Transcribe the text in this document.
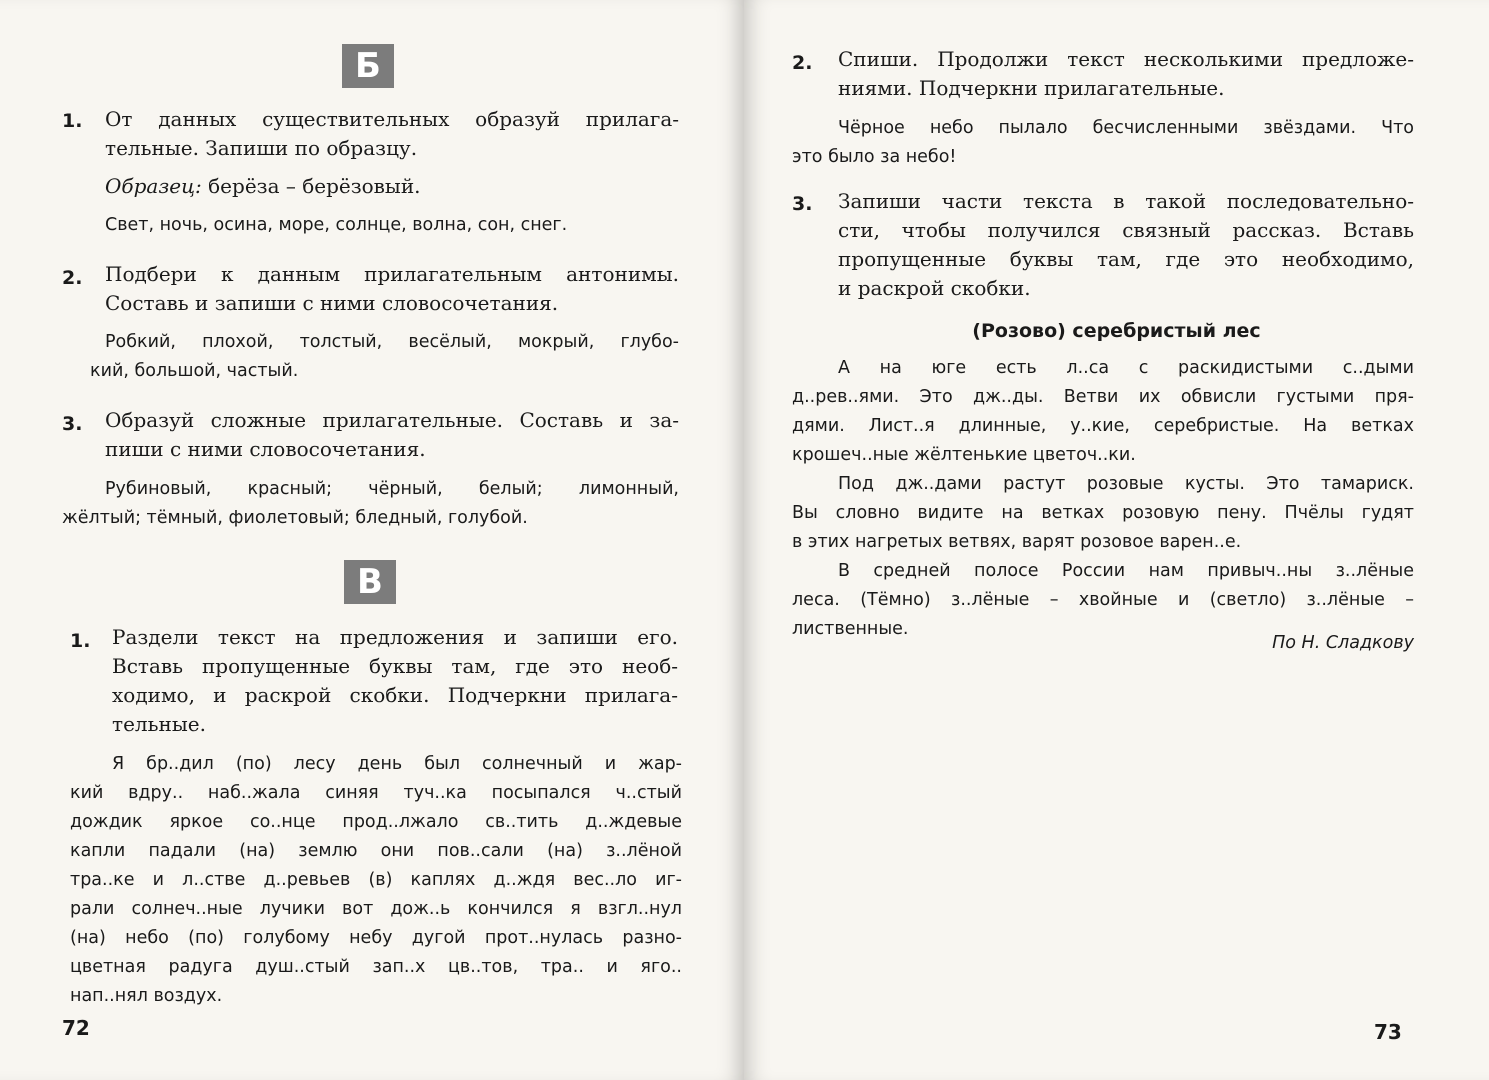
Б
1. От данных существительных образуй прилага-
тельные. Запиши по образцу.
Образец: берёза – берёзовый.
Свет, ночь, осина, море, солнце, волна, сон, снег.
2. Подбери к данным прилагательным антонимы.
Составь и запиши с ними словосочетания.
Робкий, плохой, толстый, весёлый, мокрый, глубо-
кий, большой, частый.
3. Образуй сложные прилагательные. Составь и за-
пиши с ними словосочетания.
Рубиновый, красный; чёрный, белый; лимонный,
жёлтый; тёмный, фиолетовый; бледный, голубой.
В
1. Раздели текст на предложения и запиши его.
Вставь пропущенные буквы там, где это необ-
ходимо, и раскрой скобки. Подчеркни прилага-
тельные.
Я бр..дил (по) лесу день был солнечный и жар-
кий вдру.. наб..жала синяя туч..ка посыпался ч..стый
дождик яркое со..нце прод..лжало св..тить д..ждевые
капли падали (на) землю они пов..сали (на) з..лёной
тра..ке и л..стве д..ревьев (в) каплях д..ждя вес..ло иг-
рали солнеч..ные лучики вот дож..ь кончился я взгл..нул
(на) небо (по) голубому небу дугой прот..нулась разно-
цветная радуга душ..стый зап..х цв..тов, тра.. и яго..
нап..нял воздух.
72
2. Спиши. Продолжи текст несколькими предложе-
ниями. Подчеркни прилагательные.
Чёрное небо пылало бесчисленными звёздами. Что
это было за небо!
3. Запиши части текста в такой последовательно-
сти, чтобы получился связный рассказ. Вставь
пропущенные буквы там, где это необходимо,
и раскрой скобки.
(Розово) серебристый лес
А на юге есть л..са с раскидистыми с..дыми
д..рев..ями. Это дж..ды. Ветви их обвисли густыми пря-
дями. Лист..я длинные, у..кие, серебристые. На ветках
крошеч..ные жёлтенькие цветоч..ки.
Под дж..дами растут розовые кусты. Это тамариск.
Вы словно видите на ветках розовую пену. Пчёлы гудят
в этих нагретых ветвях, варят розовое варен..е.
В средней полосе России нам привыч..ны з..лёные
леса. (Тёмно) з..лёные – хвойные и (светло) з..лёные –
лиственные.
По Н. Сладкову
73
